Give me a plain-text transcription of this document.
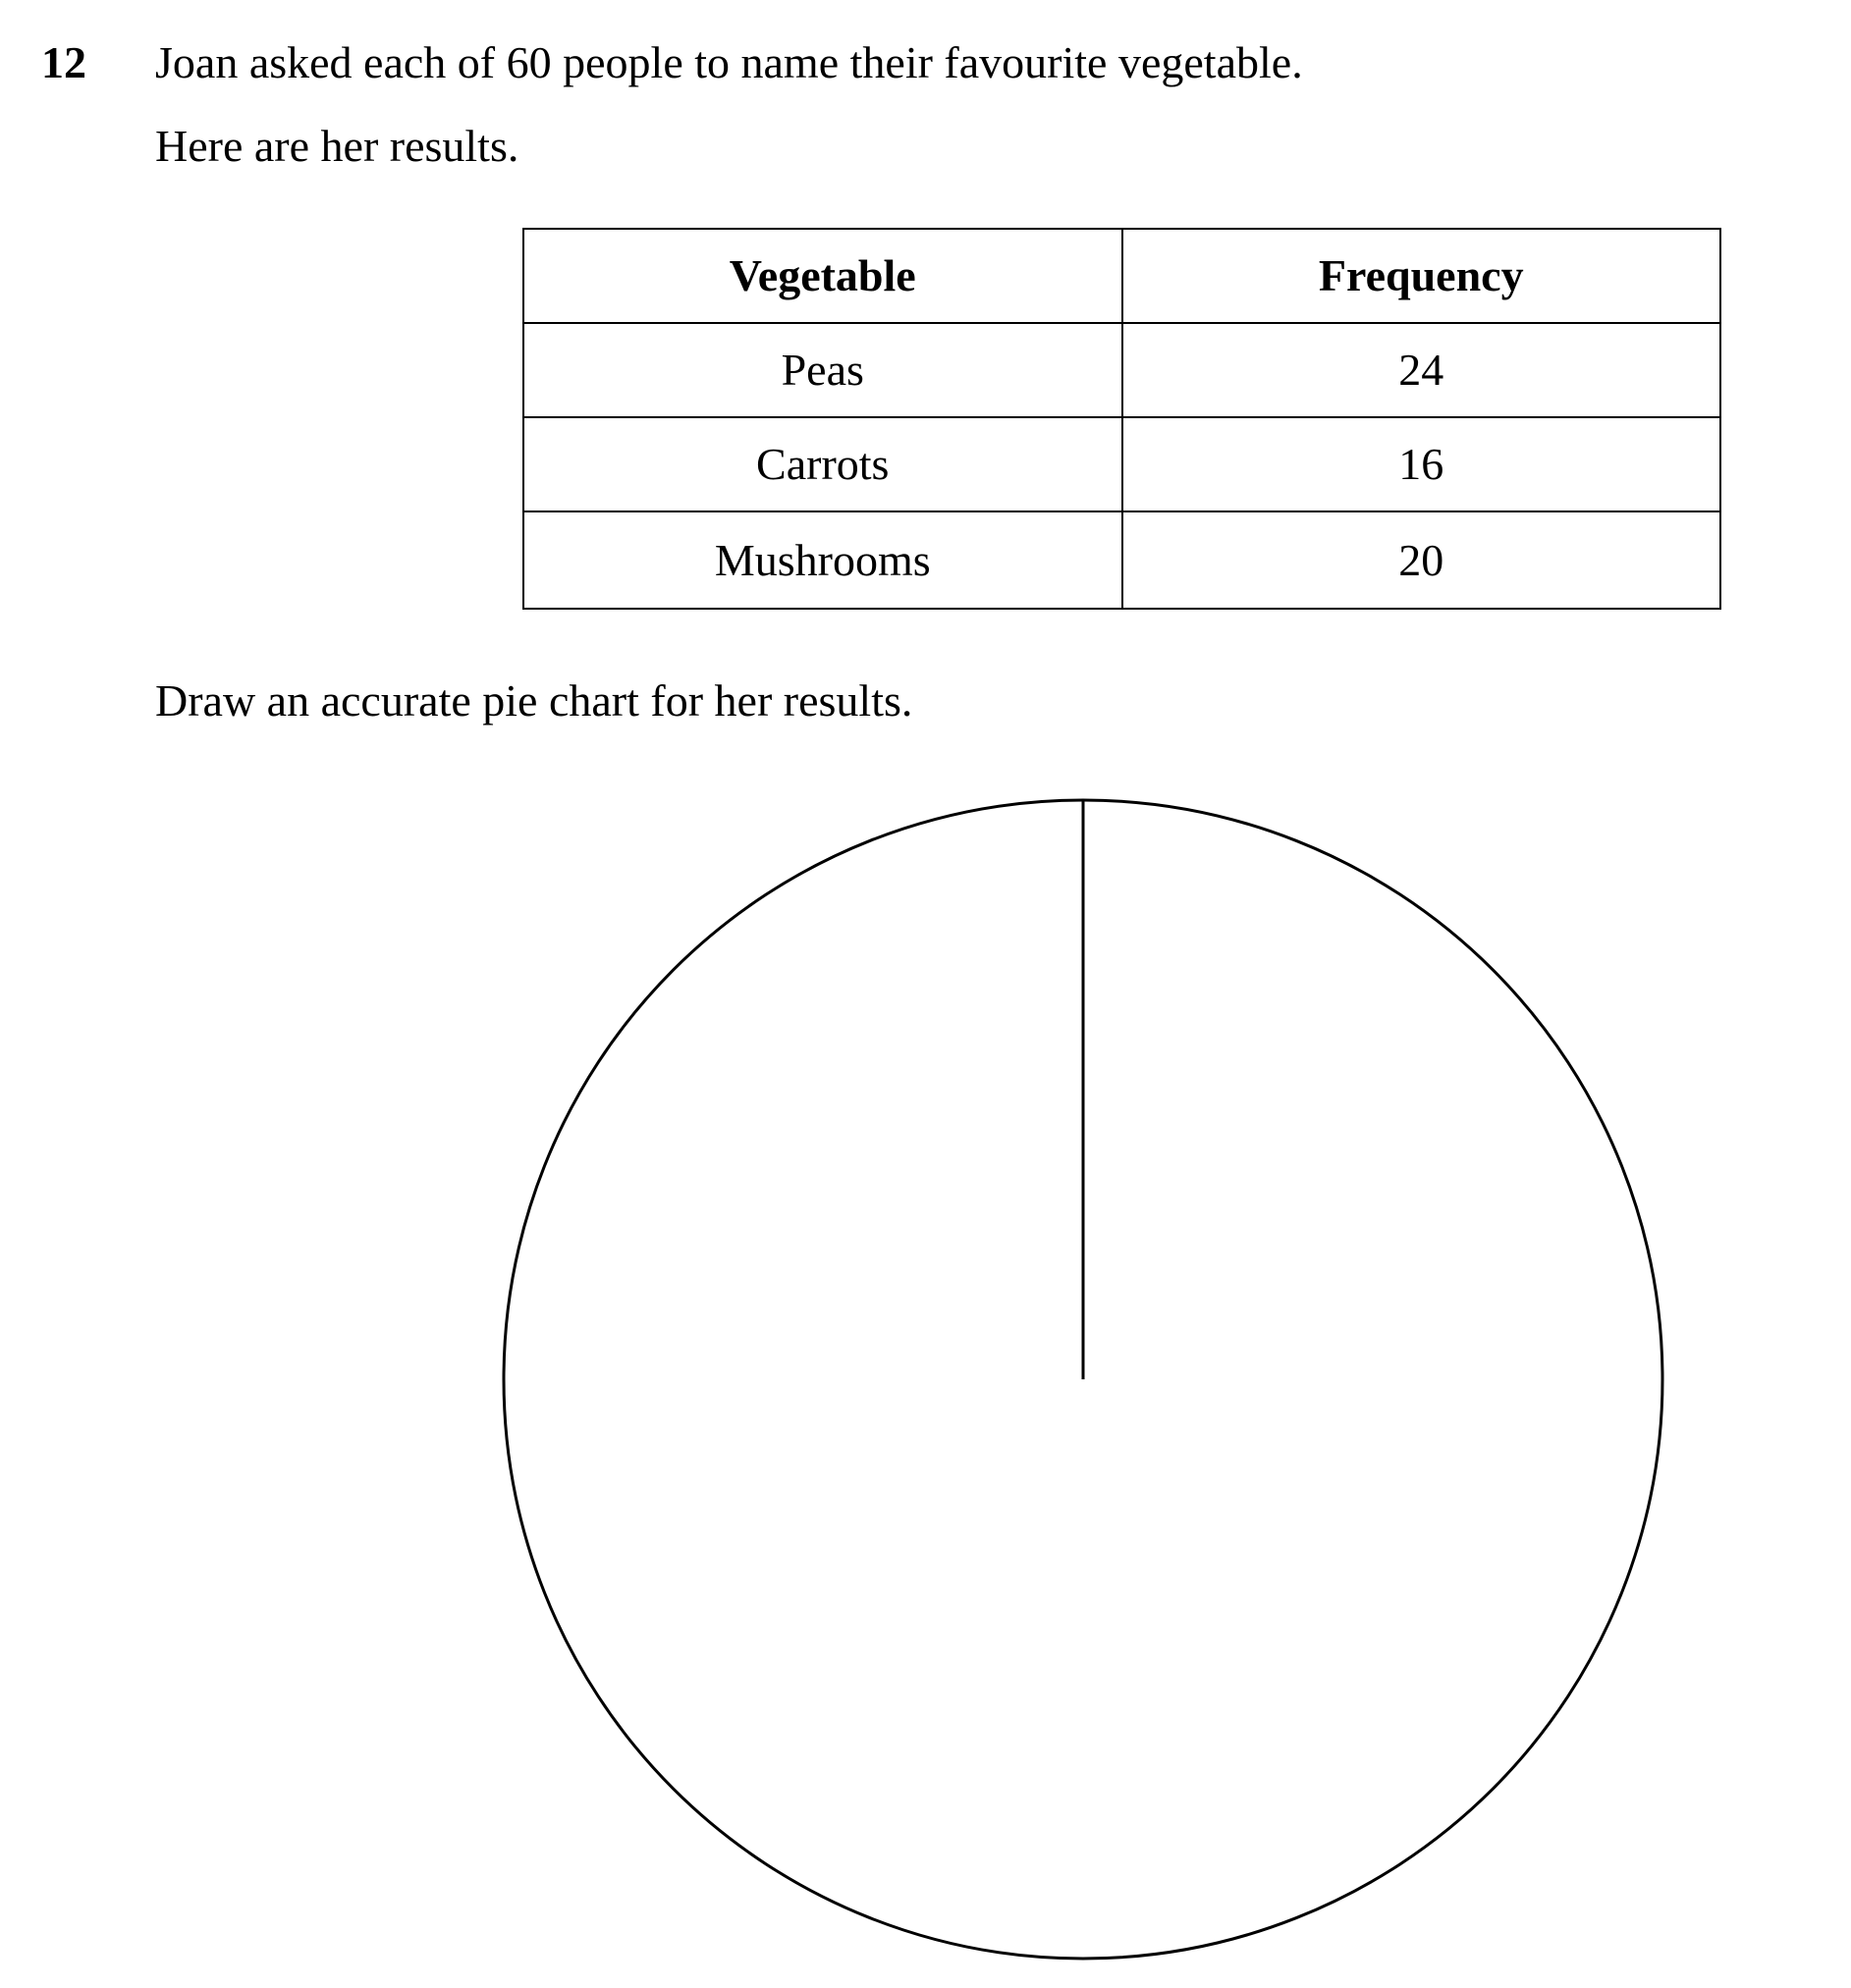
12 Joan asked each of 60 people to name their favourite vegetable.
Here are her results.
Vegetable	Frequency
Peas	24
Carrots	16
Mushrooms	20
Draw an accurate pie chart for her results.
